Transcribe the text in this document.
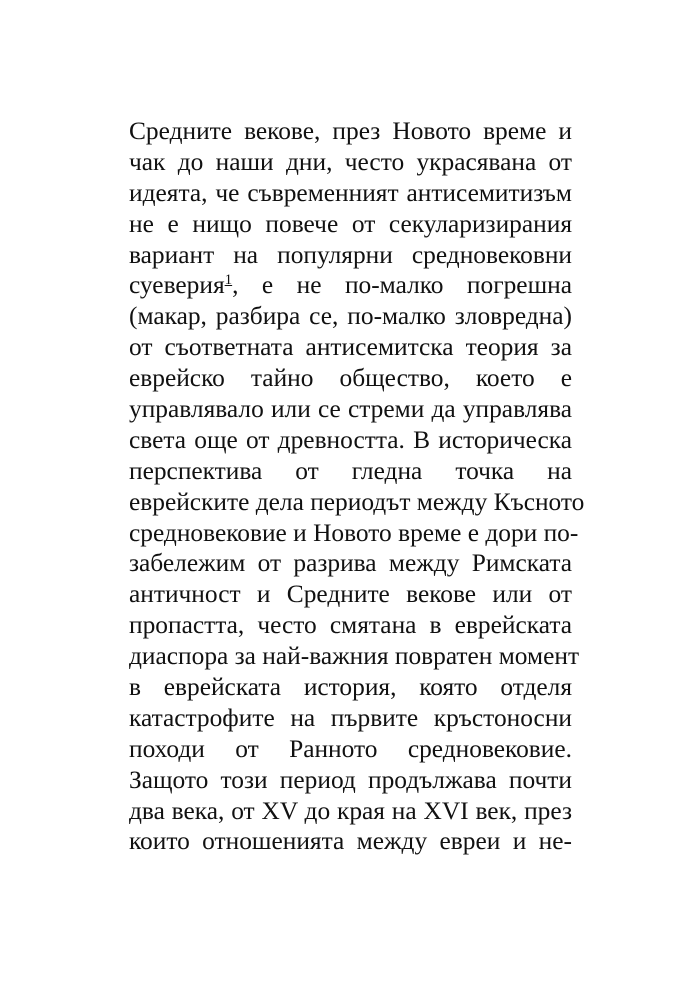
Средните векове, през Новото време и
чак до наши дни, често украсявана от
идеята, че съвременният антисемитизъм
не е нищо повече от секуларизирания
вариант на популярни средновековни
суеверия$^1$, е не по-малко погрешна
(макар, разбира се, по-малко зловредна)
от съответната антисемитска теория за
еврейско тайно общество, което е
управлявало или се стреми да управлява
света още от древността. В историческа
перспектива от гледна точка на
еврейските дела периодът между Късното
средновековие и Новото време е дори по-
забележим от разрива между Римската
античност и Средните векове или от
пропастта, често смятана в еврейската
диаспора за най-важния повратен момент
в еврейската история, която отделя
катастрофите на първите кръстоносни
походи от Ранното средновековие.
Защото този период продължава почти
два века, от XV до края на XVI век, през
които отношенията между евреи и не-
